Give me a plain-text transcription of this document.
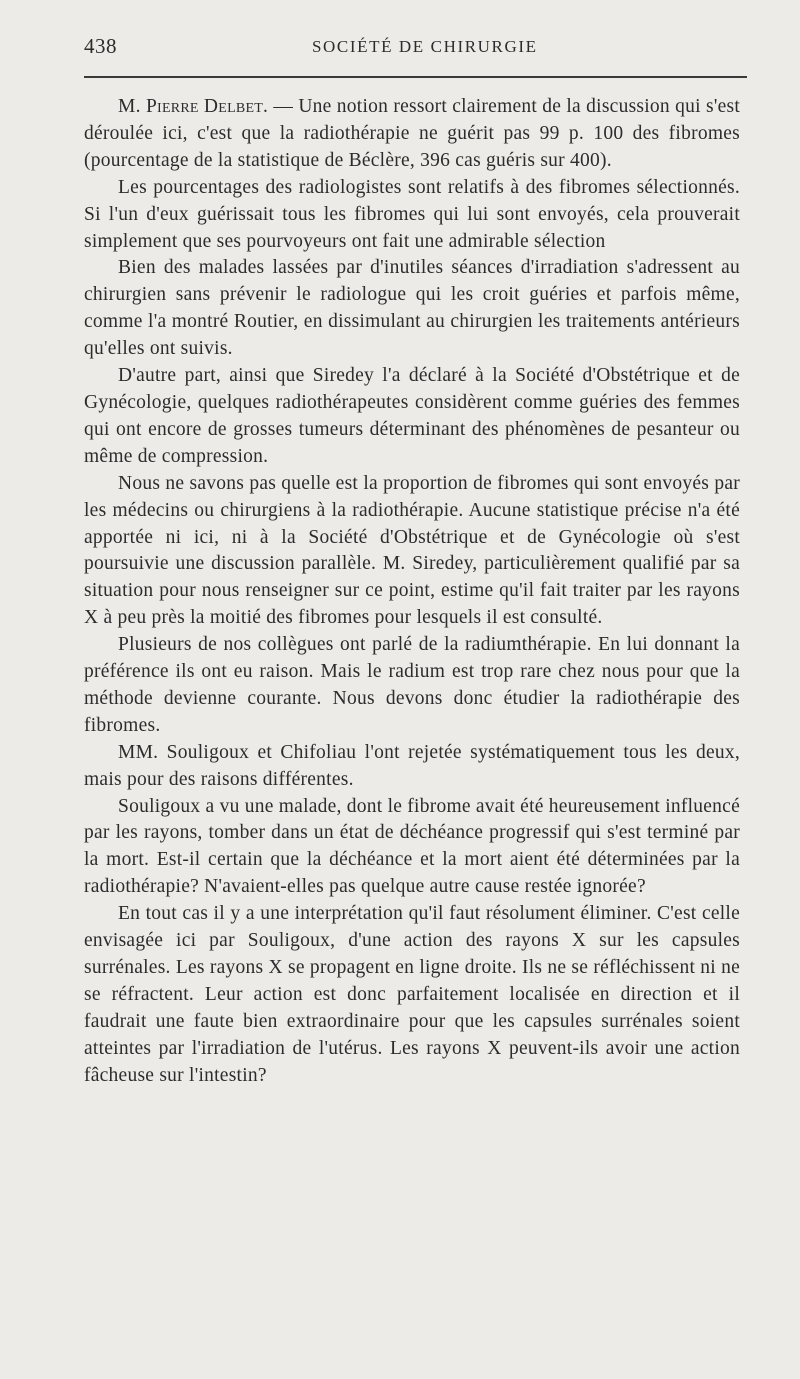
438	SOCIÉTÉ DE CHIRURGIE

M. Pierre Delbet. — Une notion ressort clairement de la discussion qui s'est déroulée ici, c'est que la radiothérapie ne guérit pas 99 p. 100 des fibromes (pourcentage de la statistique de Béclère, 396 cas guéris sur 400).

Les pourcentages des radiologistes sont relatifs à des fibromes sélectionnés. Si l'un d'eux guérissait tous les fibromes qui lui sont envoyés, cela prouverait simplement que ses pourvoyeurs ont fait une admirable sélection

Bien des malades lassées par d'inutiles séances d'irradiation s'adressent au chirurgien sans prévenir le radiologue qui les croit guéries et parfois même, comme l'a montré Routier, en dissimulant au chirurgien les traitements antérieurs qu'elles ont suivis.

D'autre part, ainsi que Siredey l'a déclaré à la Société d'Obstétrique et de Gynécologie, quelques radiothérapeutes considèrent comme guéries des femmes qui ont encore de grosses tumeurs déterminant des phénomènes de pesanteur ou même de compression.

Nous ne savons pas quelle est la proportion de fibromes qui sont envoyés par les médecins ou chirurgiens à la radiothérapie. Aucune statistique précise n'a été apportée ni ici, ni à la Société d'Obstétrique et de Gynécologie où s'est poursuivie une discussion parallèle. M. Siredey, particulièrement qualifié par sa situation pour nous renseigner sur ce point, estime qu'il fait traiter par les rayons X à peu près la moitié des fibromes pour lesquels il est consulté.

Plusieurs de nos collègues ont parlé de la radiumthérapie. En lui donnant la préférence ils ont eu raison. Mais le radium est trop rare chez nous pour que la méthode devienne courante. Nous devons donc étudier la radiothérapie des fibromes.

MM. Souligoux et Chifoliau l'ont rejetée systématiquement tous les deux, mais pour des raisons différentes.

Souligoux a vu une malade, dont le fibrome avait été heureusement influencé par les rayons, tomber dans un état de déchéance progressif qui s'est terminé par la mort. Est-il certain que la déchéance et la mort aient été déterminées par la radiothérapie? N'avaient-elles pas quelque autre cause restée ignorée?

En tout cas il y a une interprétation qu'il faut résolument éliminer. C'est celle envisagée ici par Souligoux, d'une action des rayons X sur les capsules surrénales. Les rayons X se propagent en ligne droite. Ils ne se réfléchissent ni ne se réfractent. Leur action est donc parfaitement localisée en direction et il faudrait une faute bien extraordinaire pour que les capsules surrénales soient atteintes par l'irradiation de l'utérus. Les rayons X peuvent-ils avoir une action fâcheuse sur l'intestin?
